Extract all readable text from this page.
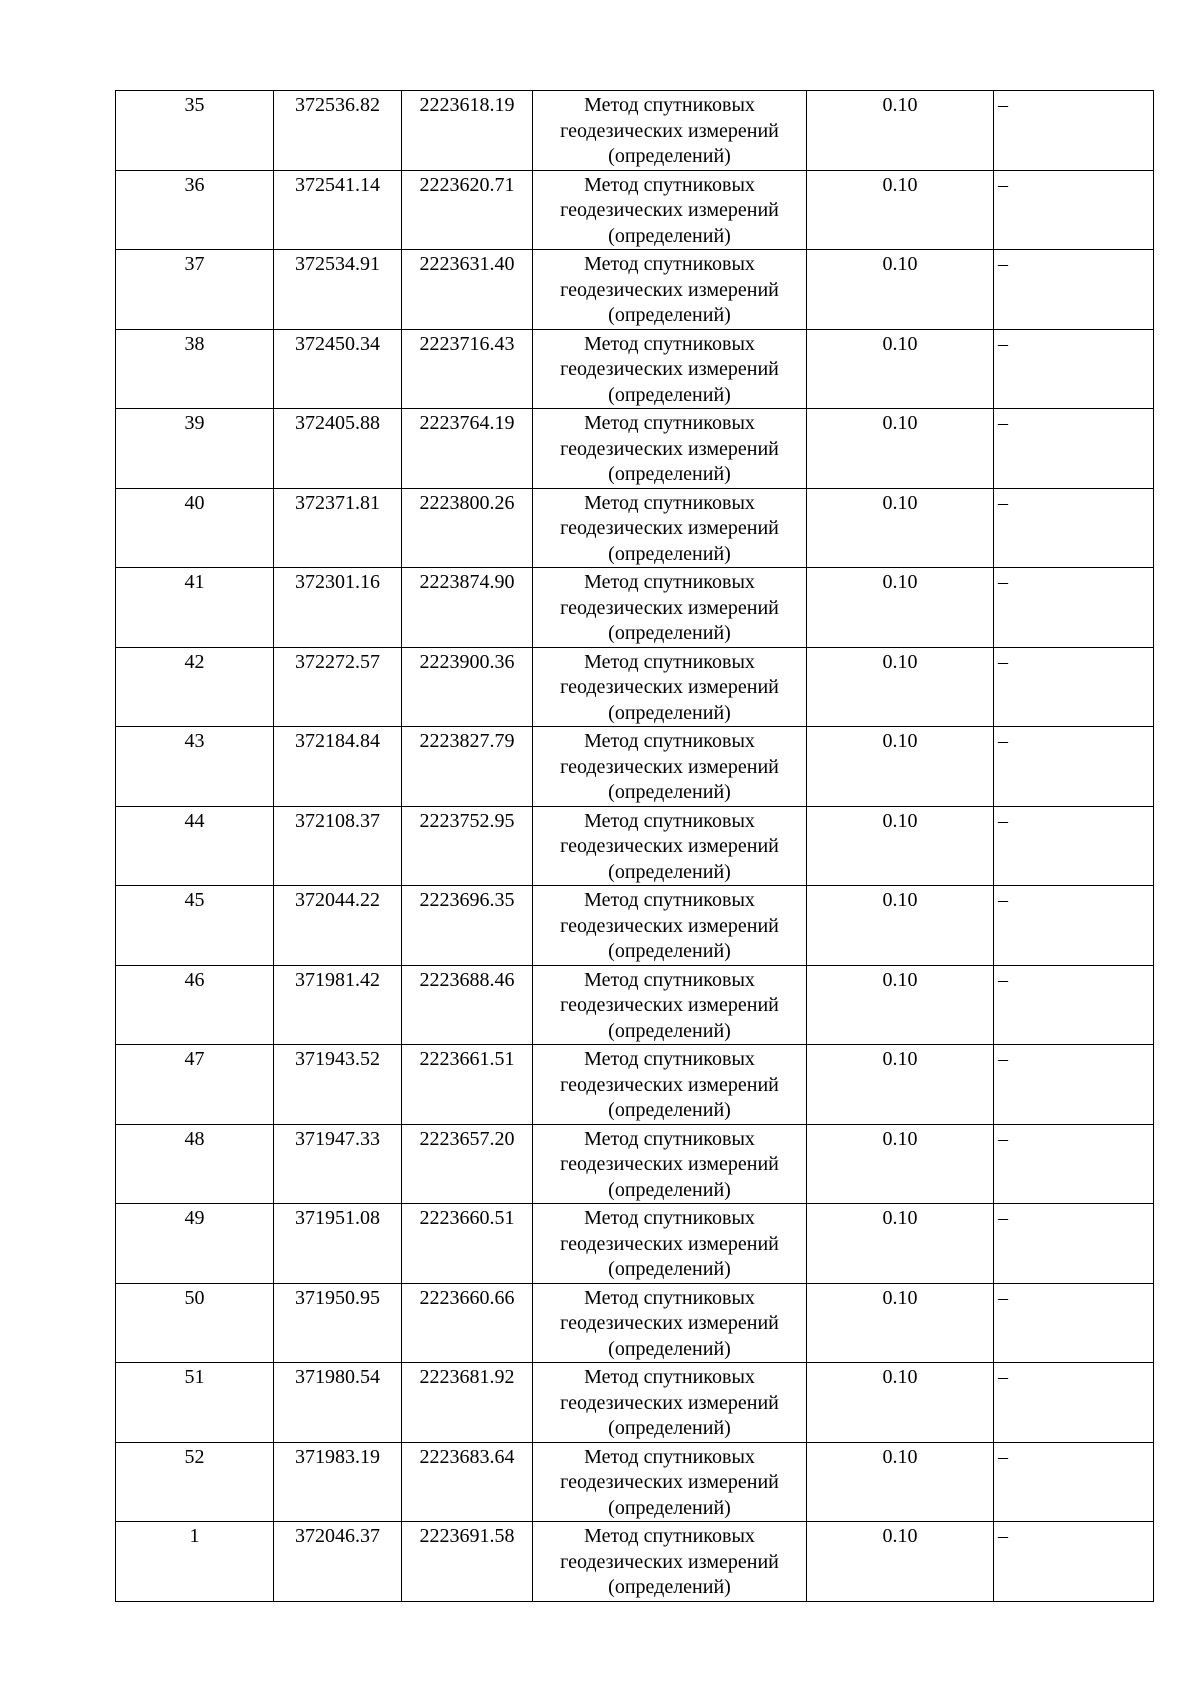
35	372536.82	2223618.19	Метод спутниковых геодезических измерений (определений)	0.10	–
36	372541.14	2223620.71	Метод спутниковых геодезических измерений (определений)	0.10	–
37	372534.91	2223631.40	Метод спутниковых геодезических измерений (определений)	0.10	–
38	372450.34	2223716.43	Метод спутниковых геодезических измерений (определений)	0.10	–
39	372405.88	2223764.19	Метод спутниковых геодезических измерений (определений)	0.10	–
40	372371.81	2223800.26	Метод спутниковых геодезических измерений (определений)	0.10	–
41	372301.16	2223874.90	Метод спутниковых геодезических измерений (определений)	0.10	–
42	372272.57	2223900.36	Метод спутниковых геодезических измерений (определений)	0.10	–
43	372184.84	2223827.79	Метод спутниковых геодезических измерений (определений)	0.10	–
44	372108.37	2223752.95	Метод спутниковых геодезических измерений (определений)	0.10	–
45	372044.22	2223696.35	Метод спутниковых геодезических измерений (определений)	0.10	–
46	371981.42	2223688.46	Метод спутниковых геодезических измерений (определений)	0.10	–
47	371943.52	2223661.51	Метод спутниковых геодезических измерений (определений)	0.10	–
48	371947.33	2223657.20	Метод спутниковых геодезических измерений (определений)	0.10	–
49	371951.08	2223660.51	Метод спутниковых геодезических измерений (определений)	0.10	–
50	371950.95	2223660.66	Метод спутниковых геодезических измерений (определений)	0.10	–
51	371980.54	2223681.92	Метод спутниковых геодезических измерений (определений)	0.10	–
52	371983.19	2223683.64	Метод спутниковых геодезических измерений (определений)	0.10	–
1	372046.37	2223691.58	Метод спутниковых геодезических измерений (определений)	0.10	–
